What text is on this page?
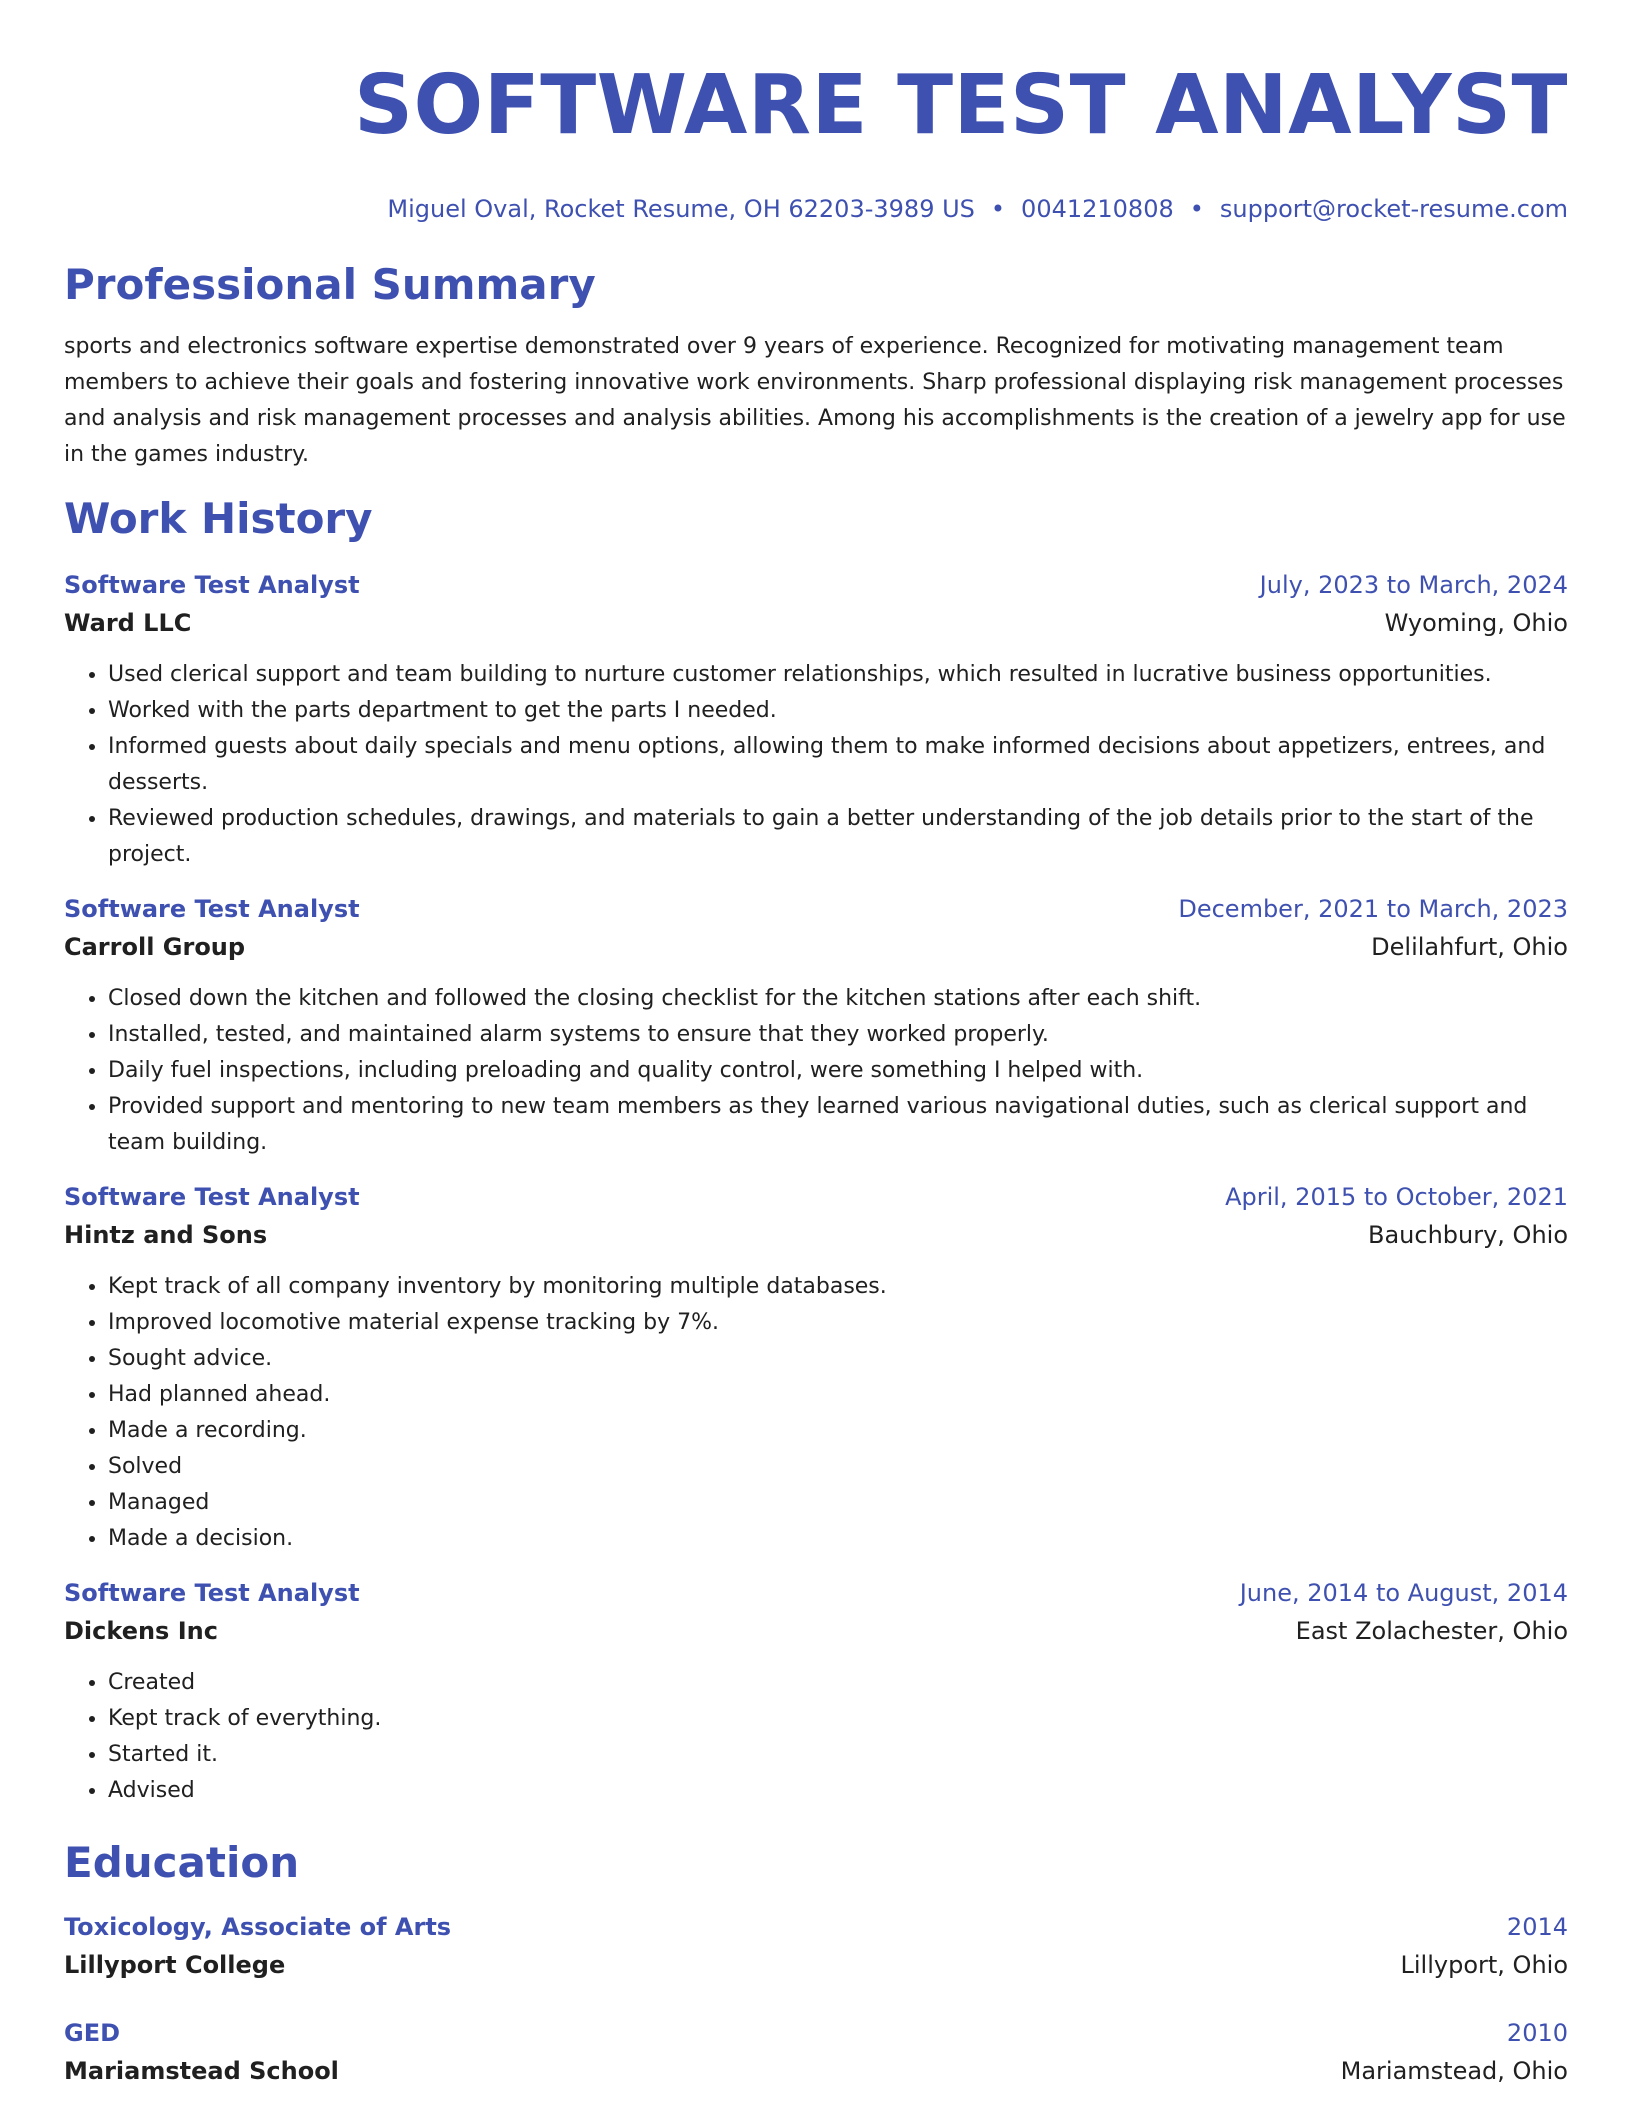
SOFTWARE TEST ANALYST
Miguel Oval, Rocket Resume, OH 62203-3989 US • 0041210808 • support@rocket-resume.com
Professional Summary
sports and electronics software expertise demonstrated over 9 years of experience. Recognized for motivating management team members to achieve their goals and fostering innovative work environments. Sharp professional displaying risk management processes and analysis and risk management processes and analysis abilities. Among his accomplishments is the creation of a jewelry app for use in the games industry.
Work History
Software Test Analyst	July, 2023 to March, 2024
Ward LLC	Wyoming, Ohio
• Used clerical support and team building to nurture customer relationships, which resulted in lucrative business opportunities.
• Worked with the parts department to get the parts I needed.
• Informed guests about daily specials and menu options, allowing them to make informed decisions about appetizers, entrees, and desserts.
• Reviewed production schedules, drawings, and materials to gain a better understanding of the job details prior to the start of the project.
Software Test Analyst	December, 2021 to March, 2023
Carroll Group	Delilahfurt, Ohio
• Closed down the kitchen and followed the closing checklist for the kitchen stations after each shift.
• Installed, tested, and maintained alarm systems to ensure that they worked properly.
• Daily fuel inspections, including preloading and quality control, were something I helped with.
• Provided support and mentoring to new team members as they learned various navigational duties, such as clerical support and team building.
Software Test Analyst	April, 2015 to October, 2021
Hintz and Sons	Bauchbury, Ohio
• Kept track of all company inventory by monitoring multiple databases.
• Improved locomotive material expense tracking by 7%.
• Sought advice.
• Had planned ahead.
• Made a recording.
• Solved
• Managed
• Made a decision.
Software Test Analyst	June, 2014 to August, 2014
Dickens Inc	East Zolachester, Ohio
• Created
• Kept track of everything.
• Started it.
• Advised
Education
Toxicology, Associate of Arts	2014
Lillyport College	Lillyport, Ohio
GED	2010
Mariamstead School	Mariamstead, Ohio
